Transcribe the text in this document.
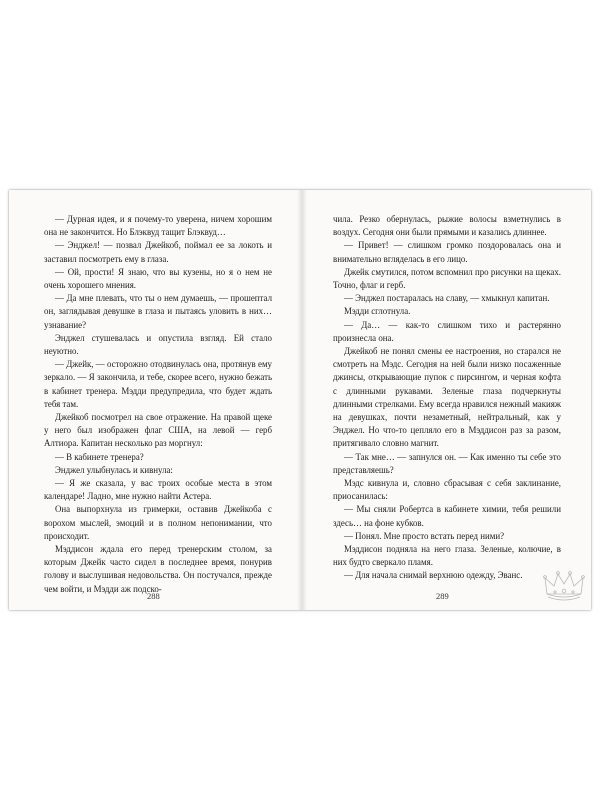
— Дурная идея, и я почему-то уверена, ничем хорошим она не закончится. Но Блэквуд тащит Блэквуд…

— Энджел! — позвал Джейкоб, поймал ее за локоть и заставил посмотреть ему в глаза.

— Ой, прости! Я знаю, что вы кузены, но я о нем не очень хорошего мнения.

— Да мне плевать, что ты о нем думаешь, — прошептал он, заглядывая девушке в глаза и пытаясь уловить в них… узнавание?

Энджел стушевалась и опустила взгляд. Ей стало неуютно.

— Джейк, — осторожно отодвинулась она, протянув ему зеркало. — Я закончила, и тебе, скорее всего, нужно бежать в кабинет тренера. Мэдди предупредила, что будет ждать тебя там.

Джейкоб посмотрел на свое отражение. На правой щеке у него был изображен флаг США, на левой — герб Алтиора. Капитан несколько раз моргнул:

— В кабинете тренера?

Энджел улыбнулась и кивнула:

— Я же сказала, у вас троих особые места в этом календаре! Ладно, мне нужно найти Астера.

Она выпорхнула из гримерки, оставив Джейкоба с ворохом мыслей, эмоций и в полном непонимании, что происходит.

Мэддисон ждала его перед тренерским столом, за которым Джейк часто сидел в последнее время, понурив голову и выслушивая недовольства. Он постучался, прежде чем войти, и Мэдди аж подско-

288

чила. Резко обернулась, рыжие волосы взметнулись в воздух. Сегодня они были прямыми и казались длиннее.

— Привет! — слишком громко поздоровалась она и внимательно вгляделась в его лицо.

Джейк смутился, потом вспомнил про рисунки на щеках. Точно, флаг и герб.

— Энджел постаралась на славу, — хмыкнул капитан.

Мэдди сглотнула.

— Да… — как-то слишком тихо и растерянно произнесла она.

Джейкоб не понял смены ее настроения, но старался не смотреть на Мэдс. Сегодня на ней были низко посаженные джинсы, открывающие пупок с пирсингом, и черная кофта с длинными рукавами. Зеленые глаза подчеркнуты длинными стрелками. Ему всегда нравился нежный макияж на девушках, почти незаметный, нейтральный, как у Энджел. Но что-то цепляло его в Мэддисон раз за разом, притягивало словно магнит.

— Так мне… — запнулся он. — Как именно ты себе это представляешь?

Мэдс кивнула и, словно сбрасывая с себя заклинание, приосанилась:

— Мы сняли Робертса в кабинете химии, тебя решили здесь… на фоне кубков.

— Понял. Мне просто встать перед ними?

Мэддисон подняла на него глаза. Зеленые, колючие, в них будто сверкало пламя.

— Для начала снимай верхнюю одежду, Эванс.

289
